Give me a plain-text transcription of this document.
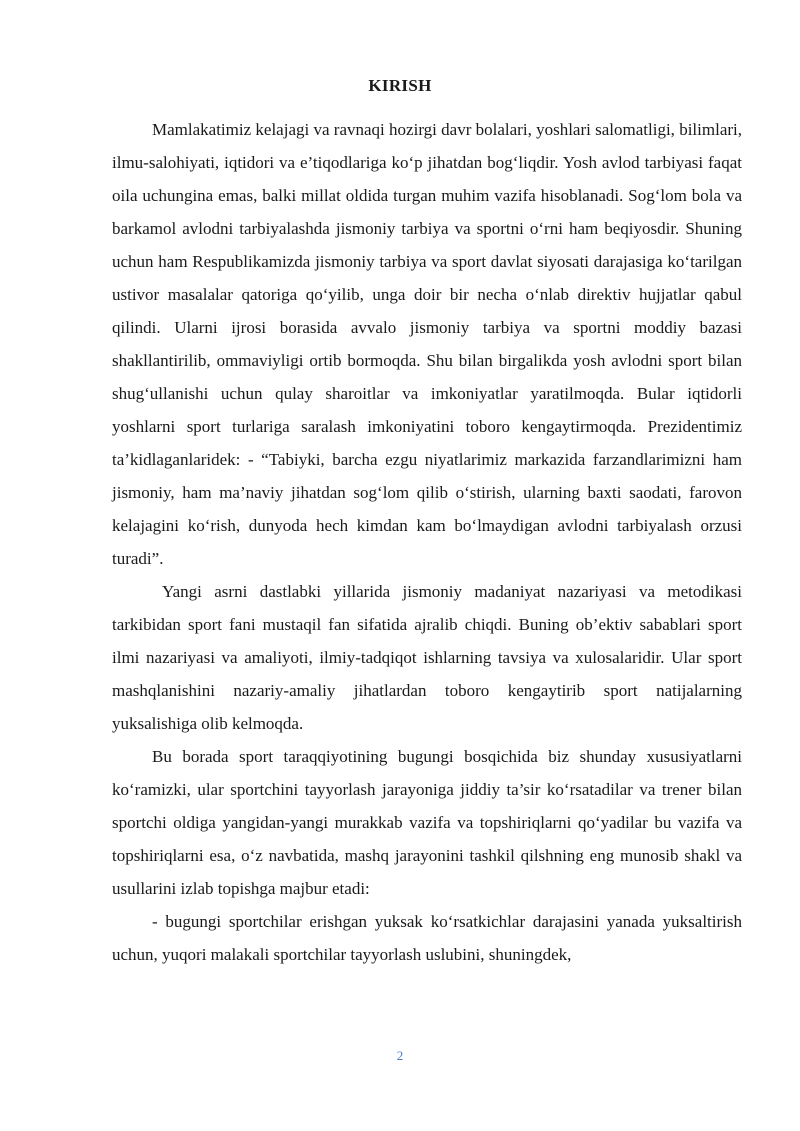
KIRISH

Mamlakatimiz kelajagi va ravnaqi hozirgi davr bolalari, yoshlari salomatligi, bilimlari, ilmu-salohiyati, iqtidori va e’tiqodlariga ko‘p jihatdan bog‘liqdir. Yosh avlod tarbiyasi faqat oila uchungina emas, balki millat oldida turgan muhim vazifa hisoblanadi. Sog‘lom bola va barkamol avlodni tarbiyalashda jismoniy tarbiya va sportni o‘rni ham beqiyosdir. Shuning uchun ham Respublikamizda jismoniy tarbiya va sport davlat siyosati darajasiga ko‘tarilgan ustivor masalalar qatoriga qo‘yilib, unga doir bir necha o‘nlab direktiv hujjatlar qabul qilindi. Ularni ijrosi borasida avvalo jismoniy tarbiya va sportni moddiy bazasi shakllantirilib, ommaviyligi ortib bormoqda. Shu bilan birgalikda yosh avlodni sport bilan shug‘ullanishi uchun qulay sharoitlar va imkoniyatlar yaratilmoqda. Bular iqtidorli yoshlarni sport turlariga saralash imkoniyatini toboro kengaytirmoqda. Prezidentimiz ta’kidlaganlaridek: - “Tabiyki, barcha ezgu niyatlarimiz markazida farzandlarimizni ham jismoniy, ham ma’naviy jihatdan sog‘lom qilib o‘stirish, ularning baxti saodati, farovon kelajagini ko‘rish, dunyoda hech kimdan kam bo‘lmaydigan avlodni tarbiyalash orzusi turadi”.

Yangi asrni dastlabki yillarida jismoniy madaniyat nazariyasi va metodikasi tarkibidan sport fani mustaqil fan sifatida ajralib chiqdi. Buning ob’ektiv sabablari sport ilmi nazariyasi va amaliyoti, ilmiy-tadqiqot ishlarning tavsiya va xulosalaridir. Ular sport mashqlanishini nazariy-amaliy jihatlardan toboro kengaytirib sport natijalarning yuksalishiga olib kelmoqda.

Bu borada sport taraqqiyotining bugungi bosqichida biz shunday xususiyatlarni ko‘ramizki, ular sportchini tayyorlash jarayoniga jiddiy ta’sir ko‘rsatadilar va trener bilan sportchi oldiga yangidan-yangi murakkab vazifa va topshiriqlarni qo‘yadilar bu vazifa va topshiriqlarni esa, o‘z navbatida, mashq jarayonini tashkil qilshning eng munosib shakl va usullarini izlab topishga majbur etadi:

- bugungi sportchilar erishgan yuksak ko‘rsatkichlar darajasini yanada yuksaltirish uchun, yuqori malakali sportchilar tayyorlash uslubini, shuningdek,

2
